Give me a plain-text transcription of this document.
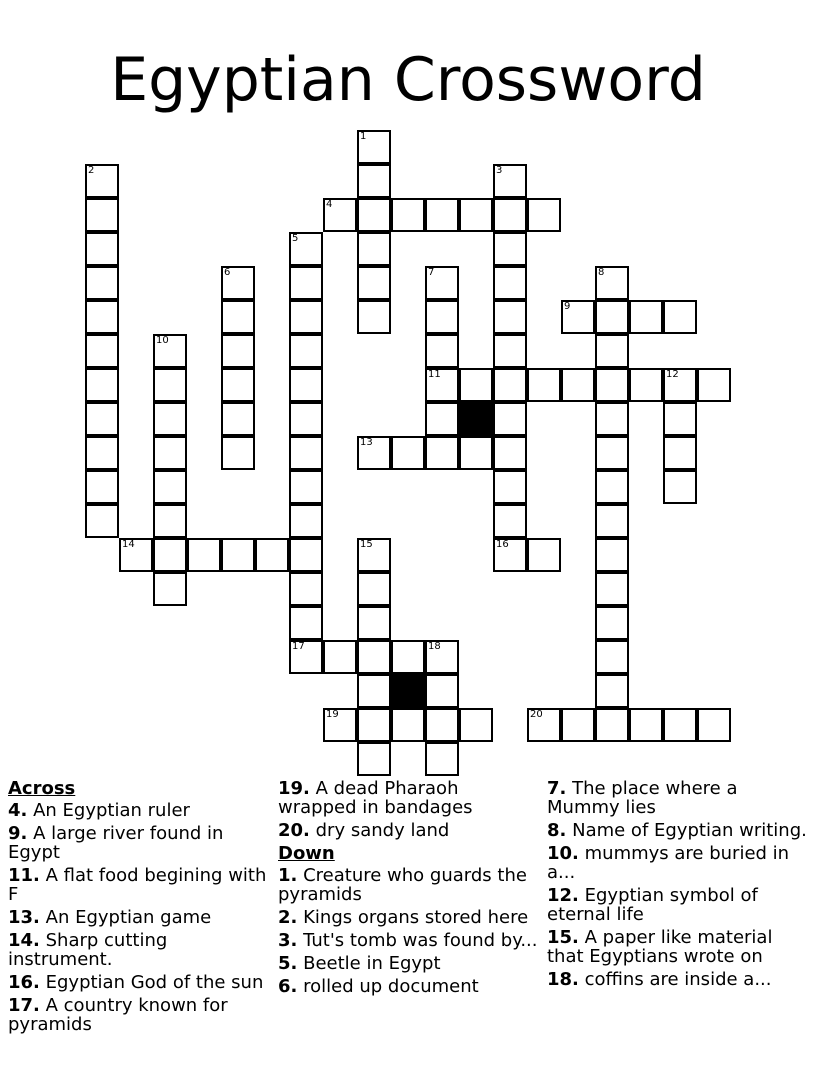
Egyptian Crossword
1
2	3
16
4
5
17
6	7
11
8
9
10
12
13
14	15
18
19	20
Across
4. An Egyptian ruler
9. A large river found in Egypt
11. A flat food begining with F
13. An Egyptian game
14. Sharp cutting instrument.
16. Egyptian God of the sun
17. A country known for pyramids
19. A dead Pharaoh wrapped in bandages
20. dry sandy land
Down
1. Creature who guards the pyramids
2. Kings organs stored here
3. Tut's tomb was found by...
5. Beetle in Egypt
6. rolled up document
7. The place where a Mummy lies
8. Name of Egyptian writing.
10. mummys are buried in a...
12. Egyptian symbol of eternal life
15. A paper like material that Egyptians wrote on
18. coffins are inside a...
